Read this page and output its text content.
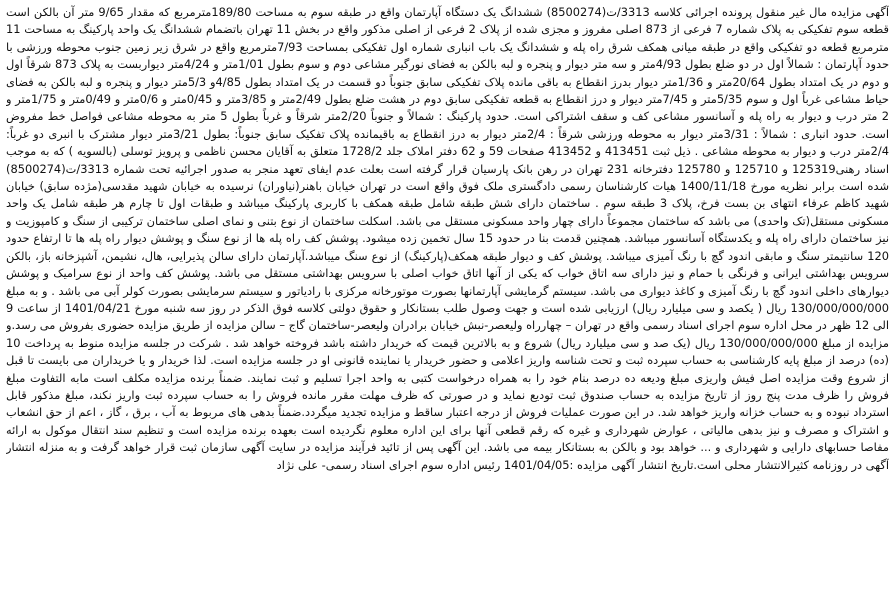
آگهی مزایده مال غیر منقول پرونده اجرائی کلاسه 3313/ت(8500274) ششدانگ یک دستگاه آپارتمان واقع در طبقه سوم به مساحت 189/80مترمربع که مقدار 9/65 متر آن بالکن است قطعه سوم تفکیکی به پلاک شماره 7 فرعی از 873 اصلی مفروز و مجزی شده از پلاک 2 فرعی از اصلی مذکور واقع در بخش 11 تهران باتضمام ششدانگ یک واحد پارکینگ به مساحت 11 مترمربع قطعه دو تفکیکی واقع در طبقه میانی همکف شرق راه پله و ششدانگ یک باب انباری شماره اول تفکیکی بمساحت 7/93مترمربع واقع در شرق زیر زمین جنوب محوطه ورزشی با حدود آپارتمان : شمالاً اول در دو ضلع بطول 4/93متر و سه متر دیوار و پنجره و لبه بالکن به فضای نورگیر مشاعی دوم و سوم بطول 1/01متر و 4/24متر دیواربست به پلاک 873 شرقاً اول و دوم در یک امتداد بطول 20/64متر و 1/36متر دیوار بدرز انقطاع به باقی مانده پلاک تفکیکی سابق جنوباً دو قسمت در یک امتداد بطول 4/85و 5/3متر دیوار و پنجره و لبه بالکن به فضای حیاط مشاعی غرباً اول و سوم 5/35متر و 7/45متر دیوار و درز انقطاع به قطعه تفکیکی سابق دوم در هشت ضلع بطول 2/49متر و 3/85متر و 0/45متر و 0/6متر و 0/49متر و 1/75متر و 2 متر درب و دیوار به راه پله و آسانسور مشاعی کف و سقف اشتراکی است. حدود پارکینگ : شمالاً و جنوباً 2/20متر شرقاً و غرباً بطول 5 متر به محوطه مشاعی فواصل خط مفروض است. حدود انباری : شمالاً : 3/31متر دیوار به محوطه ورزشی شرقاً : 2/4متر دیوار به درز انقطاع به باقیمانده پلاک تفکیک سابق جنوباً: بطول 3/21متر دیوار مشترک با انبری دو غرباً: 2/4متر درب و دیوار به محوطه مشاعی . ذیل ثبت 413451 و 413452 صفحات 59 و 62 دفتر املاک جلد 1728/2 متعلق به آقایان محسن ناظمی و پرویز توسلی (بالسویه ) که به موجب اسناد رهنی125319 و 125710 و 125780 دفترخانه 231 تهران در رهن بانک پارسیان قرار گرفته است بعلت عدم ایفای تعهد منجر به صدور اجرائیه تحت شماره 3313/ت(8500274) شده است برابر نظریه مورخ 1400/11/18 هیات کارشناسان رسمی دادگستری ملک فوق واقع است در تهران خیابان باهنر(نیاوران) نرسیده به خیابان شهید مقدسی(مژده سابق) خیابان شهید کاظم عرفاء انتهای بن بست فرخ، پلاک 3 طبقه سوم . ساختمان دارای شش طبقه شامل طبقه همکف با کاربری پارکینگ میباشد و طبقات اول تا چارم هر طبقه شامل یک واحد مسکونی مستقل(تک واحدی) می باشد که ساختمان مجموعاً دارای چهار واحد مسکونی مستقل می باشد. اسکلت ساختمان از نوع بتنی و نمای اصلی ساختمان ترکیبی از سنگ و کامپوزیت و نیز ساختمان دارای راه پله و یکدستگاه آسانسور میباشد. همچنین قدمت بنا در حدود 15 سال تخمین زده میشود. پوشش کف راه پله ها از نوع سنگ و پوشش دیوار راه پله ها تا ارتفاع حدود 120 سانتیمتر سنگ و مابقی اندود گچ با رنگ آمیزی میباشد. پوشش کف و دیوار طبقه همکف(پارکینگ) از نوع سنگ میباشد.آپارتمان دارای سالن پذیرایی، هال، نشیمن، آشپزخانه باز، بالکن سرویس بهداشتی ایرانی و فرنگی با حمام و نیز دارای سه اتاق خواب که یکی از آنها اتاق خواب اصلی با سرویس بهداشتی مستقل می باشد. پوشش کف واحد از نوع سرامیک و پوشش دیوارهای داخلی اندود گچ با رنگ آمیزی و کاغذ دیواری می باشد. سیستم گرمایشی آپارتمانها بصورت موتورخانه مرکزی با رادیاتور و سیستم سرمایشی بصورت کولر آبی می باشد . و به مبلغ 130/000/000/000 ریال ( یکصد و سی میلیارد ریال) ارزیابی شده است و جهت وصول طلب بستانکار و حقوق دولتی کلاسه فوق الذکر در روز سه شنبه مورخ 1401/04/21 از ساعت 9 الی 12 ظهر در محل اداره سوم اجرای اسناد رسمی واقع در تهران – چهارراه ولیعصر-نبش خیابان برادران ولیعصر-ساختمان گاج – سالن مزایده از طریق مزایده حضوری بفروش می رسد.و مزایده از مبلغ 130/000/000/000 ریال (یک صد و سی میلیارد ریال) شروع و به بالاترین قیمت که خریدار داشته باشد فروخته خواهد شد . شرکت در جلسه مزایده منوط به پرداخت 10 (ده) درصد از مبلغ پایه کارشناسی به حساب سپرده ثبت و تحت شناسه واریز اعلامی و حضور خریدار یا نماینده قانونی او در جلسه مزایده است. لذا خریدار و یا خریداران می بایست تا قبل از شروع وقت مزایده اصل فیش واریزی مبلغ ودیعه ده درصد بنام خود را به همراه درخواست کتبی به واحد اجرا تسلیم و ثبت نمایند. ضمناً برنده مزایده مکلف است مابه التفاوت مبلغ فروش را ظرف مدت پنج روز از تاریخ مزایده به حساب صندوق ثبت تودیع نماید و در صورتی که ظرف مهلت مقرر مانده فروش را به حساب سپرده ثبت واریز نکند، مبلغ مذکور قابل استرداد نبوده و به حساب خزانه واریز خواهد شد. در این صورت عملیات فروش از درجه اعتبار ساقط و مزایده تجدید میگردد.ضمناً بدهی های مربوط به آب ، برق ، گاز ، اعم از حق انشعاب و اشتراک و مصرف و نیز بدهی مالیاتی ، عوارض شهرداری و غیره که رقم قطعی آنها برای این اداره معلوم نگردیده است بعهده برنده مزایده است و تنظیم سند انتقال موکول به ارائه مفاصا حسابهای دارایی و شهرداری و ... خواهد بود و بالکن به بستانکار بیمه می باشد. این آگهی پس از تائید فرآیند مزایده در سایت آگهی سازمان ثبت قرار خواهد گرفت و به منزله انتشار آگهی در روزنامه کثیرالانتشار محلی است.تاریخ انتشار آگهی مزایده :1401/04/05 رئیس اداره سوم اجرای اسناد رسمی- علی نژاد
